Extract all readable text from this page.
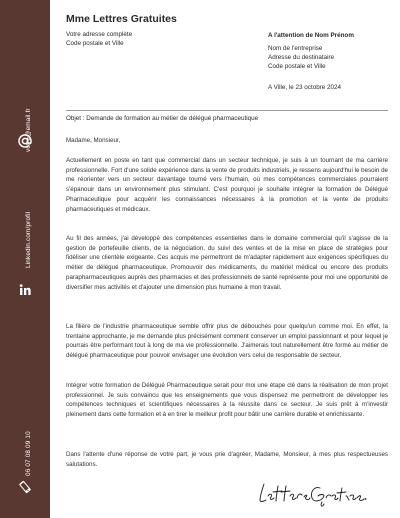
votre@email.fr
Linkedin.com/profil
06 07 08 09 10
Mme Lettres Gratuites
Votre adresse complète
Code postale et Ville
A l'attention de Nom Prénom
Nom de l'entreprise
Adresse du destinataire
Code postale et Ville
A Ville, le 23 octobre 2024
Objet : Demande de formation au métier de délégué pharmaceutique
Madame, Monsieur,
Actuellement en poste en tant que commercial dans un secteur technique, je suis à un tournant de ma carrière professionnelle. Fort d'une solide expérience dans la vente de produits industriels, je ressens aujourd'hui le besoin de me réorienter vers un secteur davantage tourné vers l'humain, où mes compétences commerciales pourraient s'épanouir dans un environnement plus stimulant. C'est pourquoi je souhaite intégrer la formation de Délégué Pharmaceutique pour acquérir les connaissances nécessaires à la promotion et la vente de produits pharmaceutiques et médicaux.
Au fil des années, j'ai développé des compétences essentielles dans le domaine commercial qu'il s'agisse de la gestion de portefeuille clients, de la négociation, du suivi des ventes et de la mise en place de stratégies pour fidéliser une clientèle exigeante. Ces acquis me permettront de m'adapter rapidement aux exigences spécifiques du métier de délégué pharmaceutique. Promouvoir des médicaments, du matériel médical ou encore des produits parapharmaceutiques auprès des pharmacies et des professionnels de santé représente pour moi une opportunité de diversifier mes activités et d'ajouter une dimension plus humaine à mon travail.
La filière de l'industrie pharmaceutique semble offrir plus de débouchés pour quelqu'un comme moi. En effet, la trentaine approchante, je me demande plus précisément comment conserver un emploi passionnant et pour lequel je pourrais être performant tout à long de ma vie professionnelle. J'aimerais tout naturellement être formé au métier de délégué pharmaceutique pour pouvoir envisager une évolution vers celui de responsable de secteur.
Intégrer votre formation de Délégué Pharmaceutique serait pour moi une étape clé dans la réalisation de mon projet professionnel. Je suis convaincu que les enseignements que vous dispensez me permettront de développer les compétences techniques et scientifiques nécessaires à la réussite dans ce secteur. Je suis prêt à m'investir pleinement dans cette formation et à en tirer le meilleur profit pour bâtir une carrière durable et enrichissante.
Dans l'attente d'une réponse de votre part, je vous prie d'agréer, Madame, Monsieur, à mes plus respectueuses salutations.
